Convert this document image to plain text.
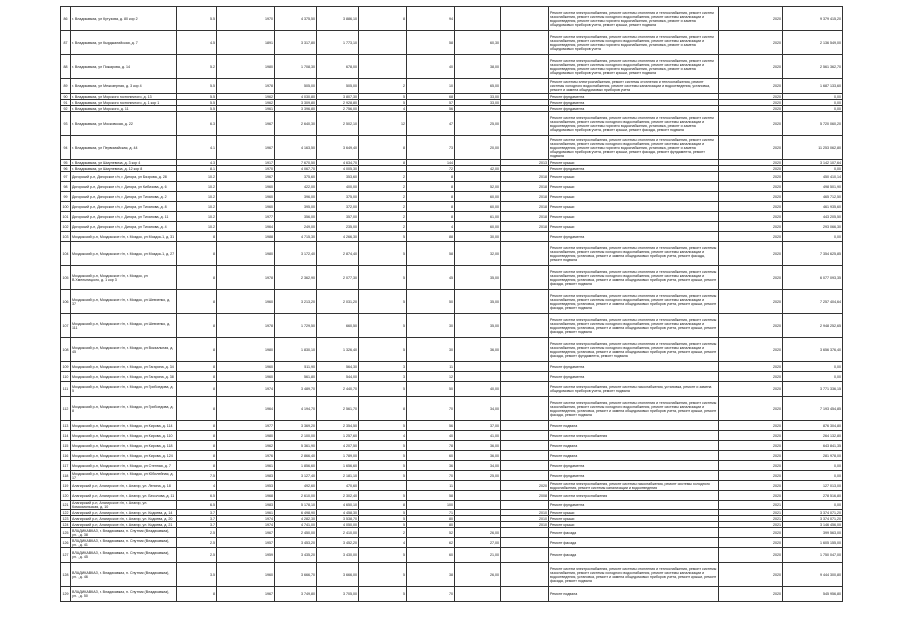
86	г. Владикавказ, ул Кутузова, д. 80 кор 2	5.5	1970	4 375,50	3 886,10	8	94			Ремонт систем электроснабжения, ремонт системы отопления и теплоснабжения, ремонт систем газоснабжения, ремонт системы холодного водоснабжения, ремонт системы канализации и водоотведения, ремонт системы горячего водоснабжения, установка, ремонт и замена общедомовых приборов учета, ремонт крыши, ремонт подвала	2020	9 379 415,20
87	г. Владикавказ, ул Кырджалийская, д. 7	4.5	1891	3 317,80	1 773,10		58	60,30		Ремонт систем электроснабжения, ремонт системы отопления и теплоснабжения, ремонт систем газоснабжения, ремонт системы холодного водоснабжения, ремонт системы канализации и водоотведения, ремонт системы горячего водоснабжения, установка, ремонт и замена общедомовых приборов учета	2020	2 136 549,00
88	г. Владикавказ, ул Пожарова, д. 14	5.2	1980	1 708,30	678,00		40	38,00		Ремонт систем электроснабжения, ремонт системы отопления и теплоснабжения, ремонт систем газоснабжения, ремонт системы холодного водоснабжения, ремонт системы канализации и водоотведения, ремонт системы горячего водоснабжения, установка, ремонт и замена общедомовых приборов учета, ремонт крыши, ремонт подвала	2020	2 561 362,70
89	г. Владикавказ, ул Межозерная, д. 3 кор 4	5.5	1978	505,00	505,00	2	10	65,00		Ремонт системы электроснабжения, ремонт системы отопления и теплоснабжения, ремонт системы холодного водоснабжения, ремонт системы канализации и водоотведения, установка, ремонт и замена общедомовых приборов учета	2020	1 687 133,60
90	г. Владикавказ, ул Морского гостиничного, д. 13	5.5	1962	4 030,80	3 807,30	5	68	33,00		Ремонт фундамента	2020	0,00
91	г. Владикавказ, ул Морского гостиничного, д. 1 кор 1	5.5	1962	3 309,80	2 928,80	5	57	33,00		Ремонт фундамента	2020	0,00
92	г. Владикавказ, ул Морского, д. 11	5.5	1961	3 396,80	2 756,00	4	56			Ремонт фундамента	2020	0,00
93	г. Владикавказ, ул Московская, д. 22	6.3	1967	2 640,30	2 502,10	12	47	25,00		Ремонт систем электроснабжения, ремонт системы отопления и теплоснабжения, ремонт систем газоснабжения, ремонт системы холодного водоснабжения, ремонт системы канализации и водоотведения, ремонт системы горячего водоснабжения, установка, ремонт и замена общедомовых приборов учета, ремонт крыши, ремонт фасада, ремонт подвала	2020	5 720 060,20
94	г. Владикавказ, ул Первомайская, д. 44	4.1	1967	4 163,50	3 649,40	8	73	20,00		Ремонт систем электроснабжения, ремонт системы отопления и теплоснабжения, ремонт систем газоснабжения, ремонт системы холодного водоснабжения, ремонт системы канализации и водоотведения, ремонт системы горячего водоснабжения, установка, ремонт и замена общедомовых приборов учета, ремонт крыши, ремонт фасада, ремонт фундамента, ремонт подвала	2020	11 253 062,80
95	г. Владикавказ, ул Шмулевича, д. 3 кор 4	4.3	1917	7 670,50	4 634,70	8	144		2013	Ремонт крыши	2020	3 142 107,64
96	г. Владикавказ, ул Шмулевича, д. 12 кор 8	8.1	1970	4 067,70	4 005,30		72	42,00		Ремонт фундамента	2020	0,00
97	Дигорский р-н, Дигорское г/п, г. Дигора, ул Бязрова, д. 28	10.2	1967	375,60	353,60	2	8		2018	Ремонт крыши	2020	450 410,14
98	Дигорский р-н, Дигорское г/п, г. Дигора, ул Кибизова, д. 6	10.2	1960	422,00	400,00	2	8	52,00	2018	Ремонт крыши	2020	498 501,90
99	Дигорский р-н, Дигорское г/п, г. Дигора, ул Тиханова, д. 2	10.2	1960	396,00	375,00	2	8	60,00	2018	Ремонт крыши	2020	465 712,50
100	Дигорский р-н, Дигорское г/п, г. Дигора, ул Тиханова, д. 8	10.2	1960	395,00	372,00	2	8	60,00	2018	Ремонт крыши	2020	461 935,60
101	Дигорский р-н, Дигорское г/п, г. Дигора, ул Тиханова, д. 11	10.2	1977	356,00	357,00	2	8	61,00	2018	Ремонт крыши	2020	443 205,50
102	Дигорский р-н, Дигорское г/п, г. Дигора, ул Тиханова, д. 4	10.2	1964	249,00	235,00	2	4	60,00	2018	Ремонт крыши	2020	293 066,30
103	Моздокский р-н, Моздокское г/п, г. Моздок, ул Моздок-1, д. 31	8	1988	4 715,30	4 266,30	5	88	30,00		Ремонт фундамента	2020	0,00
104	Моздокский р-н, Моздокское г/п, г. Моздок, ул Моздок-1, д. 27	8	1980	3 172,40	2 874,40	5	58	32,00		Ремонт систем электроснабжения, ремонт системы отопления и теплоснабжения, ремонт системы газоснабжения, ремонт системы холодного водоснабжения, ремонт системы канализации и водоотведения, установка, ремонт и замена общедомовых приборов учета, ремонт фасада, ремонт подвала	2020	7 354 625,85
105	Моздокский р-н, Моздокское г/п, г. Моздок, ул В.Хмельницкого, д. 1 кор 3	8	1978	2 362,90	2 077,30	5	45	35,00		Ремонт систем электроснабжения, ремонт системы отопления и теплоснабжения, ремонт системы газоснабжения, ремонт системы холодного водоснабжения, ремонт системы канализации и водоотведения, установка, ремонт и замена общедомовых приборов учета, ремонт крыши, ремонт фасада, ремонт подвала	2020	6 077 093,35
106	Моздокский р-н, Моздокское г/п, г. Моздок, ул Шевченко, д. 37	8	1960	3 213,20	2 031,20	5	50	35,00		Ремонт систем электроснабжения, ремонт системы отопления и теплоснабжения, ремонт системы газоснабжения, ремонт системы холодного водоснабжения, ремонт системы канализации и водоотведения, установка, ремонт и замена общедомовых приборов учета, ремонт крыши, ремонт фасада, ремонт подвала	2020	7 257 404,64
107	Моздокский р-н, Моздокское г/п, г. Моздок, ул Шевченко, д. 111	8	1978	1 729,50	660,50	5	30	35,00		Ремонт систем электроснабжения, ремонт системы отопления и теплоснабжения, ремонт системы газоснабжения, ремонт системы холодного водоснабжения, ремонт системы канализации и водоотведения, установка, ремонт и замена общедомовых приборов учета, ремонт крыши, ремонт фасада, ремонт подвала	2020	2 948 252,65
108	Моздокский р-н, Моздокское г/п, г. Моздок, ул Вокзальная, д. 45	8	1980	1 830,10	1 326,40	5	30	36,00		Ремонт систем электроснабжения, ремонт системы отопления и теплоснабжения, ремонт системы газоснабжения, ремонт системы холодного водоснабжения, ремонт системы канализации и водоотведения, установка, ремонт и замена общедомовых приборов учета, ремонт крыши, ремонт фасада, ремонт фундамента, ремонт подвала	2020	3 656 376,40
109	Моздокский р-н, Моздокское г/п, г. Моздок, ул Гагарина, д. 34	8	1960	511,90	564,30	3	11			Ремонт фундамента	2020	0,00
110	Моздокский р-н, Моздокское г/п, г. Моздок, ул Гагарина, д. 38	8	1960	561,80	544,00	3	12			Ремонт фундамента	2020	0,00
111	Моздокский р-н, Моздокское г/п, г. Моздок, ул Грибоедова, д. 5	8	1974	3 489,70	2 440,70	5	50	40,00		Ремонт систем электроснабжения, ремонт системы газоснабжения, установка, ремонт и замена общедомовых приборов учета, ремонт подвала	2020	3 771 336,15
112	Моздокский р-н, Моздокское г/п, г. Моздок, ул Грибоедова, д. 8	8	1964	4 194,70	2 561,70	8	70	34,00		Ремонт систем электроснабжения, ремонт системы отопления и теплоснабжения, ремонт системы газоснабжения, ремонт системы холодного водоснабжения, ремонт системы канализации и водоотведения, установка, ремонт и замена общедомовых приборов учета, ремонт крыши, ремонт фасада, ремонт подвала	2020	7 193 454,85
113	Моздокский р-н, Моздокское г/п, г. Моздок, ул Кирова, д. 114	8	1977	3 369,20	2 354,50	5	56	37,00		Ремонт подвала	2020	876 304,80
114	Моздокский р-н, Моздокское г/п, г. Моздок, ул Кирова, д. 110	8	1980	2 100,00	1 257,60	4	40	41,00		Ремонт систем электроснабжения	2020	264 132,80
115	Моздокский р-н, Моздокское г/п, г. Моздок, ул Кирова, д. 118	8	1962	5 361,90	4 207,50	5	78	36,00		Ремонт подвала	2020	643 841,35
116	Моздокский р-н, Моздокское г/п, г. Моздок, ул Кирова, д. 124	8	1976	2 866,40	1 789,00	5	60	36,00		Ремонт подвала	2020	281 978,00
117	Моздокский р-н, Моздокское г/п, г. Моздок, ул Степная, д. 7	8	1961	1 856,60	1 656,60	5	36	34,00		Ремонт фундамента	2020	0,00
118	Моздокский р-н, Моздокское г/п, г. Моздок, ул Юбилейная, д. 17	7.5	1983	3 127,40	2 181,10	5	70	25,00		Ремонт фундамента	2020	0,00
119	Алагирский р-н, Алагирское г/п, г. Алагир, ул. Ленина, д. 18	4	1953	492,60	470,60		11		2020	Ремонт систем электроснабжения, ремонт системы газоснабжения, ремонт системы холодного водоснабжения, ремонт системы канализации и водоотведения	2020	127 013,00
120	Алагирский р-н, Алагирское г/п, г. Алагир, ул. Бесолова, д. 11	6.5	1968	2 610,00	2 302,40	5	58		2008	Ремонт систем электроснабжения	2020	278 516,80
121	Алагирский р-н, Алагирское г/п, г. Алагир, ул. Комсомольская, д. 10	6.5	1983	5 178,10	4 650,10	8	100			Ремонт фундамента	2021	0,00
122	Алагирский р-н, Алагирское г/п, г. Алагир, ул. Кодоева, д. 14	3.7	1961	6 498,90	4 458,30	5	71		2010	Ремонт крыши	2021	3 374 071,20
123	Алагирский р-н, Алагирское г/п, г. Алагир, ул. Кодоева, д. 20	3.7	1974	4 282,30	3 538,70	5	80		2010	Ремонт крыши	2021	3 374 071,20
124	Алагирский р-н, Алагирское г/п, г. Алагир, ул. Кодоева, д. 21	3.7	1974	4 741,00	4 050,00	5	80		2010	Ремонт крыши	2021	3 146 456,00
125	ВЛАДИКАВКАЗ, г. Владикавказ, п. Спутник (Владикавказ), ул. , д. 38	2.5	1967	2 450,00	2 410,00	2	52	26,00		Ремонт фасада	2020	399 563,00
126	ВЛАДИКАВКАЗ, г. Владикавказ, п. Спутник (Владикавказ), ул. , д. 41	2.5	1957	3 453,20	3 452,20	4	62	27,00		Ремонт фасада	2020	1 605 155,00
127	ВЛАДИКАВКАЗ, г. Владикавказ, п. Спутник (Владикавказ), ул. , д. 45	2.5	1959	3 435,20	3 430,00	5	60	21,00		Ремонт фасада	2020	1 750 047,00
128	ВЛАДИКАВКАЗ, г. Владикавказ, п. Спутник (Владикавказ), ул. , д. 46	3.5	1960	3 666,70	3 666,00	5	38	26,00		Ремонт систем электроснабжения, ремонт системы отопления и теплоснабжения, ремонт системы газоснабжения, ремонт системы холодного водоснабжения, ремонт системы канализации и водоотведения, установка, ремонт и замена общедомовых приборов учета, ремонт крыши, ремонт фасада, ремонт подвала	2020	9 444 300,80
129	ВЛАДИКАВКАЗ, г. Владикавказ, п. Спутник (Владикавказ), ул. , д. 50	8	1967	3 749,80	3 705,00	5	70			Ремонт подвала	2020	545 956,80
